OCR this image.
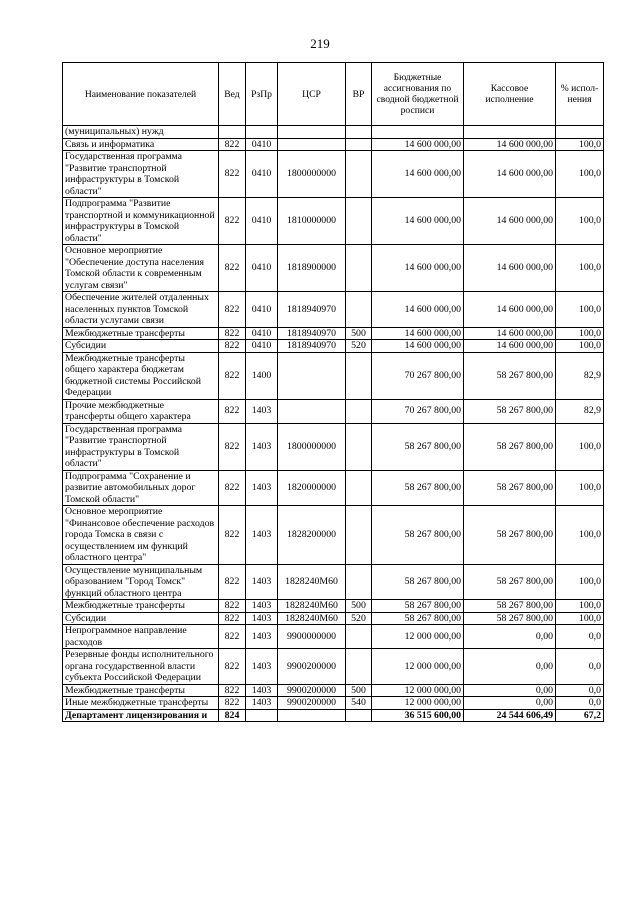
219
Наименование показателей	Вед	РзПр	ЦСР	ВР	Бюджетные ассигнования по сводной бюджетной росписи	Кассовое исполнение	% испол-нения
(муниципальных) нужд							
Связь и информатика	822	0410			14 600 000,00	14 600 000,00	100,0
Государственная программа "Развитие транспортной инфраструктуры в Томской области"	822	0410	1800000000		14 600 000,00	14 600 000,00	100,0
Подпрограмма "Развитие транспортной и коммуникационной инфраструктуры в Томской области"	822	0410	1810000000		14 600 000,00	14 600 000,00	100,0
Основное мероприятие "Обеспечение доступа населения Томской области к современным услугам связи"	822	0410	1818900000		14 600 000,00	14 600 000,00	100,0
Обеспечение жителей отдаленных населенных пунктов Томской области услугами связи	822	0410	1818940970		14 600 000,00	14 600 000,00	100,0
Межбюджетные трансферты	822	0410	1818940970	500	14 600 000,00	14 600 000,00	100,0
Субсидии	822	0410	1818940970	520	14 600 000,00	14 600 000,00	100,0
Межбюджетные трансферты общего характера бюджетам бюджетной системы Российской Федерации	822	1400			70 267 800,00	58 267 800,00	82,9
Прочие межбюджетные трансферты общего характера	822	1403			70 267 800,00	58 267 800,00	82,9
Государственная программа "Развитие транспортной инфраструктуры в Томской области"	822	1403	1800000000		58 267 800,00	58 267 800,00	100,0
Подпрограмма "Сохранение и развитие автомобильных дорог Томской области"	822	1403	1820000000		58 267 800,00	58 267 800,00	100,0
Основное мероприятие "Финансовое обеспечение расходов города Томска в связи с осуществлением им функций областного центра"	822	1403	1828200000		58 267 800,00	58 267 800,00	100,0
Осуществление муниципальным образованием "Город Томск" функций областного центра	822	1403	1828240М60		58 267 800,00	58 267 800,00	100,0
Межбюджетные трансферты	822	1403	1828240М60	500	58 267 800,00	58 267 800,00	100,0
Субсидии	822	1403	1828240М60	520	58 267 800,00	58 267 800,00	100,0
Непрограммное направление расходов	822	1403	9900000000		12 000 000,00	0,00	0,0
Резервные фонды исполнительного органа государственной власти субъекта Российской Федерации	822	1403	9900200000		12 000 000,00	0,00	0,0
Межбюджетные трансферты	822	1403	9900200000	500	12 000 000,00	0,00	0,0
Иные межбюджетные трансферты	822	1403	9900200000	540	12 000 000,00	0,00	0,0
Департамент лицензирования и	824				36 515 600,00	24 544 606,49	67,2
